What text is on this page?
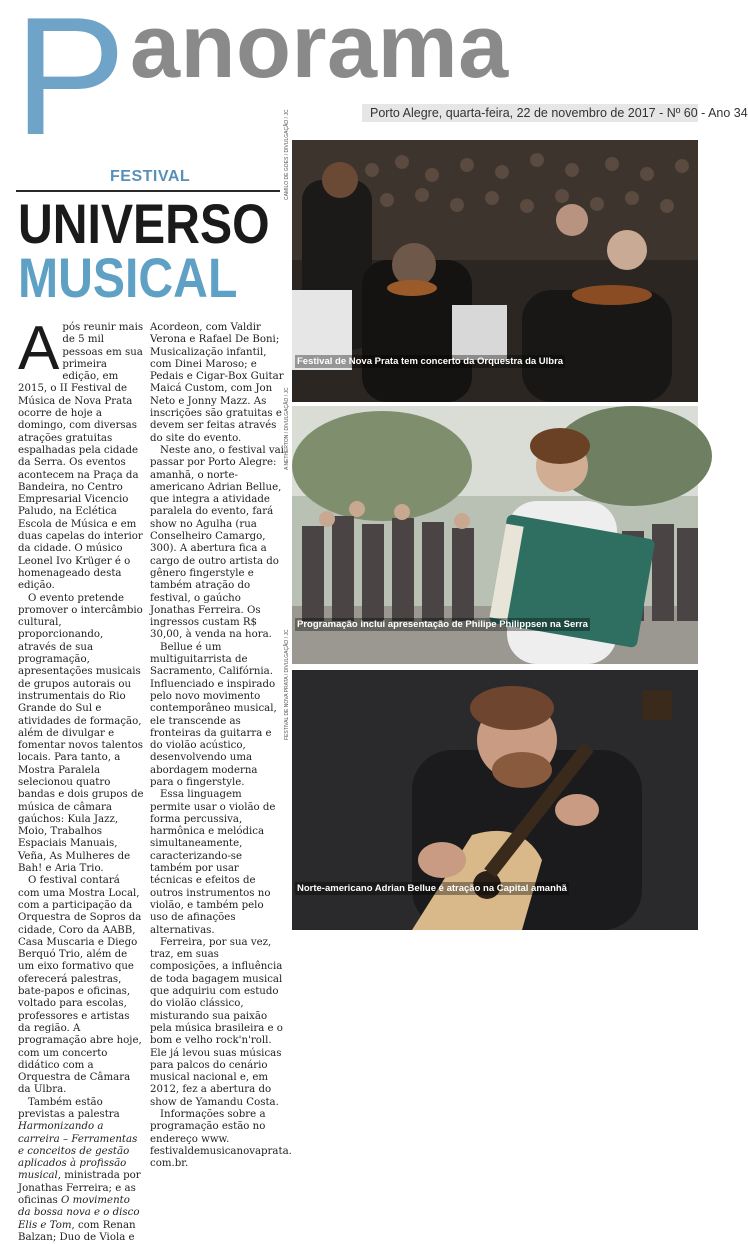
P anorama
Porto Alegre, quarta-feira, 22 de novembro de 2017 - Nº 60 - Ano 34
FESTIVAL
UNIVERSO
MUSICAL

Após reunir mais de 5 mil pessoas em sua primeira edição, em 2015, o II Festival de Música de Nova Prata ocorre de hoje a domingo, com diversas atrações gratuitas espalhadas pela cidade da Serra. Os eventos acontecem na Praça da Bandeira, no Centro Empresarial Vicencio Paludo, na Eclética Escola de Música e em duas capelas do interior da cidade. O músico Leonel Ivo Krüger é o homenageado desta edição.

O evento pretende promover o intercâmbio cultural, proporcionando, através de sua programação, apresentações musicais de grupos autorais ou instrumentais do Rio Grande do Sul e atividades de formação, além de divulgar e fomentar novos talentos locais. Para tanto, a Mostra Paralela selecionou quatro bandas e dois grupos de música de câmara gaúchos: Kula Jazz, Moio, Trabalhos Espaciais Manuais, Veña, As Mulheres de Bah! e Aria Trio.

O festival contará com uma Mostra Local, com a participação da Orquestra de Sopros da cidade, Coro da AABB, Casa Muscaria e Diego Berquó Trio, além de um eixo formativo que oferecerá palestras, bate-papos e oficinas, voltado para escolas, professores e artistas da região. A programação abre hoje, com um concerto didático com a Orquestra de Câmara da Ulbra.

Também estão previstas a palestra Harmonizando a carreira – Ferramentas e conceitos de gestão aplicados à profissão musical, ministrada por Jonathas Ferreira; e as oficinas O movimento da bossa nova e o disco Elis e Tom, com Renan Balzan; Duo de Viola e

Acordeon, com Valdir Verona e Rafael De Boni; Musicalização infantil, com Dinei Maroso; e Pedais e Cigar-Box Guitar Maicá Custom, com Jon Neto e Jonny Mazz. As inscrições são gratuitas e devem ser feitas através do site do evento.

Neste ano, o festival vai passar por Porto Alegre: amanhã, o norte-americano Adrian Bellue, que integra a atividade paralela do evento, fará show no Agulha (rua Conselheiro Camargo, 300). A abertura fica a cargo de outro artista do gênero fingerstyle e também atração do festival, o gaúcho Jonathas Ferreira. Os ingressos custam R$ 30,00, à venda na hora.

Bellue é um multiguitarrista de Sacramento, Califórnia. Influenciado e inspirado pelo novo movimento contemporâneo musical, ele transcende as fronteiras da guitarra e do violão acústico, desenvolvendo uma abordagem moderna para o fingerstyle.

Essa linguagem permite usar o violão de forma percussiva, harmônica e melódica simultaneamente, caracterizando-se também por usar técnicas e efeitos de outros instrumentos no violão, e também pelo uso de afinações alternativas.

Ferreira, por sua vez, traz, em suas composições, a influência de toda bagagem musical que adquiriu com estudo do violão clássico, misturando sua paixão pela música brasileira e o bom e velho rock'n'roll. Ele já levou suas músicas para palcos do cenário musical nacional e, em 2012, fez a abertura do show de Yamandu Costa.

Informações sobre a programação estão no endereço www. festivaldemusicanovaprata. com.br.

CAMILO DE GOES / DIVULGAÇÃO / JC
A NETHERTON / DIVULGAÇÃO / JC
FESTIVAL DE NOVA PRATA / DIVULGAÇÃO / JC
Festival de Nova Prata tem concerto da Orquestra da Ulbra
Programação inclui apresentação de Philipe Philippsen na Serra
Norte-americano Adrian Bellue é atração na Capital amanhã
